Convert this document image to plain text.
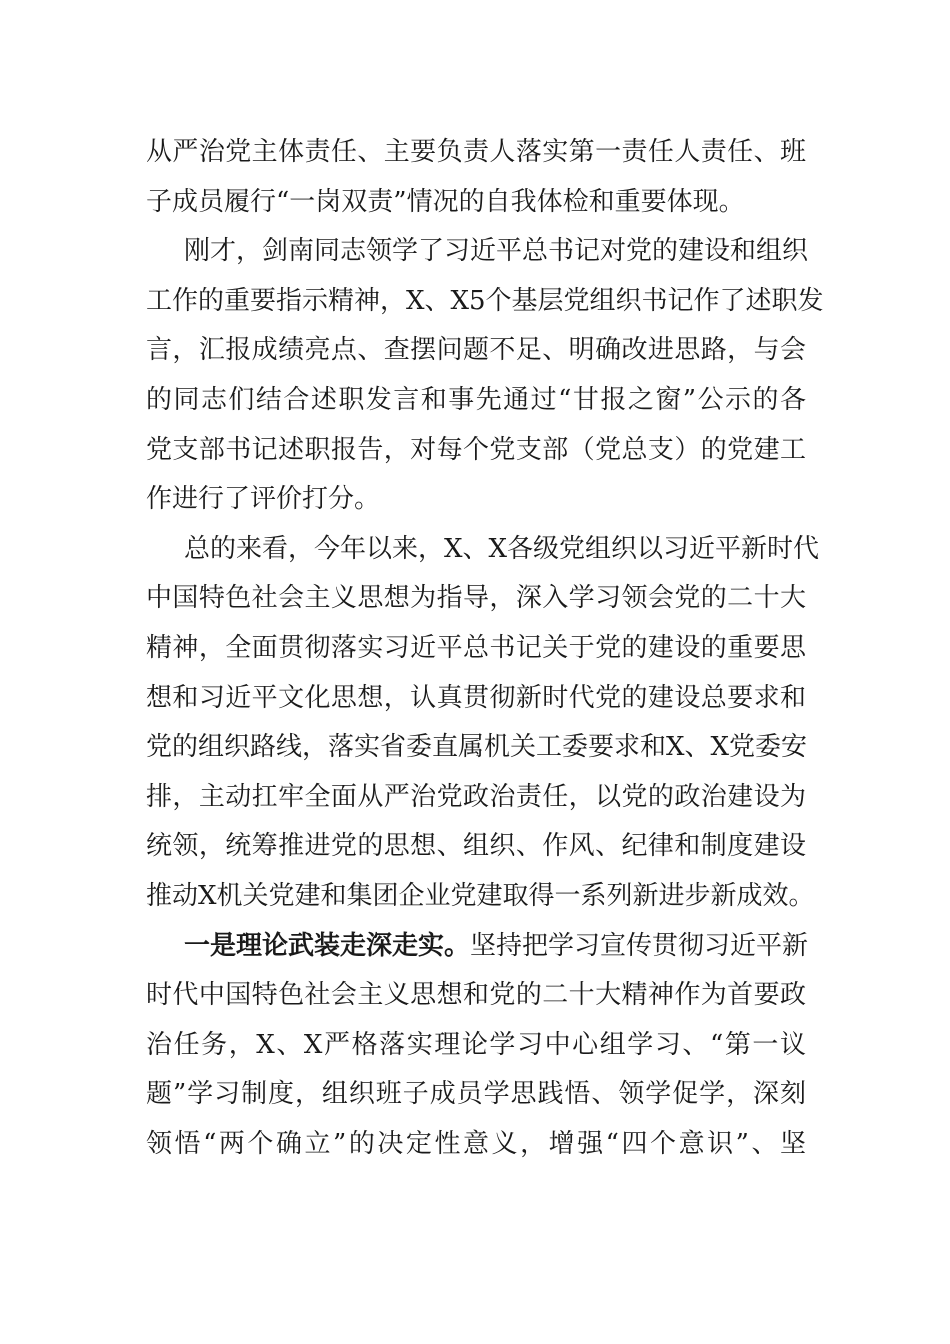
从严治党主体责任、主要负责人落实第一责任人责任、班
子成员履行“一岗双责”情况的自我体检和重要体现。
刚才，剑南同志领学了习近平总书记对党的建设和组织
工作的重要指示精神，X、X5个基层党组织书记作了述职发
言，汇报成绩亮点、查摆问题不足、明确改进思路，与会
的同志们结合述职发言和事先通过“甘报之窗”公示的各
党支部书记述职报告，对每个党支部（党总支）的党建工
作进行了评价打分。
总的来看，今年以来，X、X各级党组织以习近平新时代
中国特色社会主义思想为指导，深入学习领会党的二十大
精神，全面贯彻落实习近平总书记关于党的建设的重要思
想和习近平文化思想，认真贯彻新时代党的建设总要求和
党的组织路线，落实省委直属机关工委要求和X、X党委安
排，主动扛牢全面从严治党政治责任，以党的政治建设为
统领，统筹推进党的思想、组织、作风、纪律和制度建设
推动X机关党建和集团企业党建取得一系列新进步新成效。
一是理论武装走深走实。坚持把学习宣传贯彻习近平新
时代中国特色社会主义思想和党的二十大精神作为首要政
治任务，X、X严格落实理论学习中心组学习、“第一议
题”学习制度，组织班子成员学思践悟、领学促学，深刻
领悟“两个确立”的决定性意义，增强“四个意识”、坚
